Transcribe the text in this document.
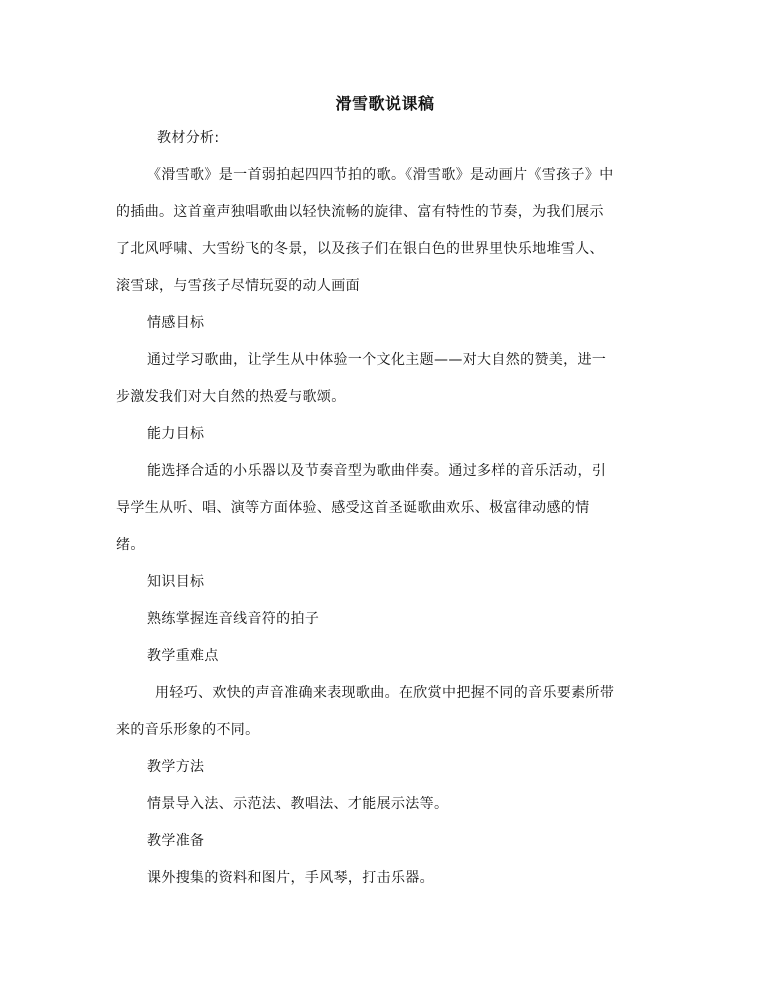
滑雪歌说课稿
教材分析:
《滑雪歌》是一首弱拍起四四节拍的歌。《滑雪歌》是动画片《雪孩子》中
的插曲。这首童声独唱歌曲以轻快流畅的旋律、富有特性的节奏，为我们展示
了北风呼啸、大雪纷飞的冬景，以及孩子们在银白色的世界里快乐地堆雪人、
滚雪球，与雪孩子尽情玩耍的动人画面
情感目标
通过学习歌曲，让学生从中体验一个文化主题——对大自然的赞美，进一
步激发我们对大自然的热爱与歌颂。
能力目标
能选择合适的小乐器以及节奏音型为歌曲伴奏。通过多样的音乐活动，引
导学生从听、唱、演等方面体验、感受这首圣诞歌曲欢乐、极富律动感的情
绪。
知识目标
熟练掌握连音线音符的拍子
教学重难点
用轻巧、欢快的声音准确来表现歌曲。在欣赏中把握不同的音乐要素所带
来的音乐形象的不同。
教学方法
情景导入法、示范法、教唱法、才能展示法等。
教学准备
课外搜集的资料和图片，手风琴，打击乐器。
